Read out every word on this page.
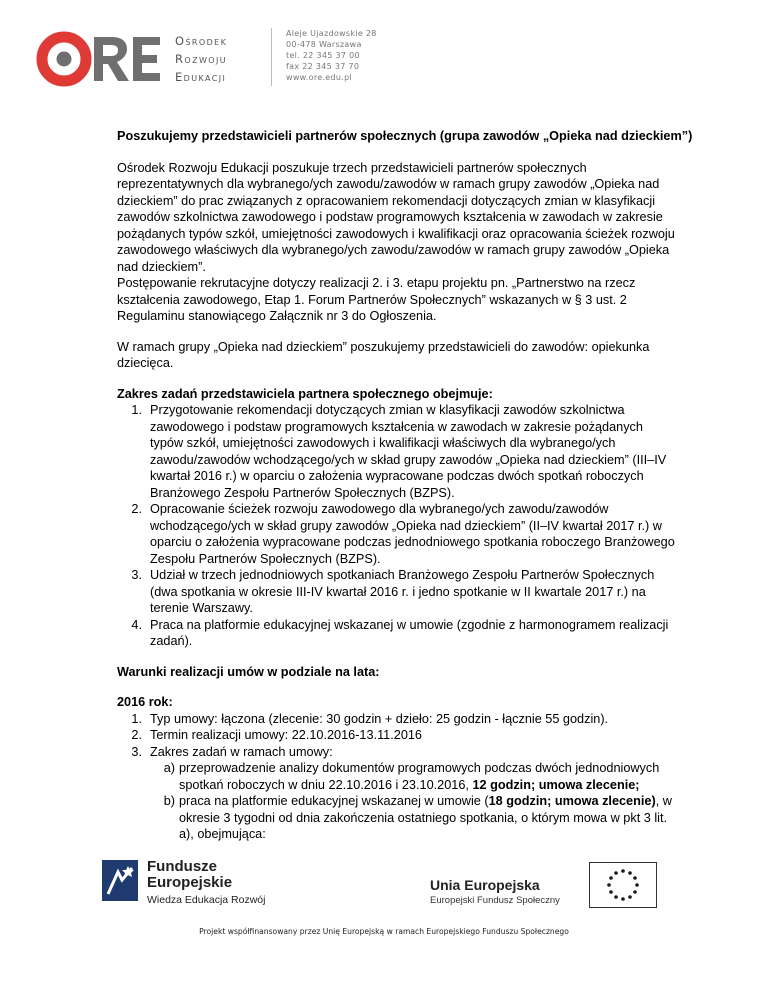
Ośrodek
Rozwoju
Edukacji
Aleje Ujazdowskie 28
00-478 Warszawa
tel. 22 345 37 00
fax 22 345 37 70
www.ore.edu.pl

Poszukujemy przedstawicieli partnerów społecznych (grupa zawodów „Opieka nad dzieckiem”)

Ośrodek Rozwoju Edukacji poszukuje trzech przedstawicieli partnerów społecznych reprezentatywnych dla wybranego/ych zawodu/zawodów w ramach grupy zawodów „Opieka nad dzieckiem” do prac związanych z opracowaniem rekomendacji dotyczących zmian w klasyfikacji zawodów szkolnictwa zawodowego i podstaw programowych kształcenia w zawodach w zakresie pożądanych typów szkół, umiejętności zawodowych i kwalifikacji oraz opracowania ścieżek rozwoju zawodowego właściwych dla wybranego/ych zawodu/zawodów w ramach grupy zawodów „Opieka nad dzieckiem”.

Postępowanie rekrutacyjne dotyczy realizacji 2. i 3. etapu projektu pn. „Partnerstwo na rzecz kształcenia zawodowego, Etap 1. Forum Partnerów Społecznych” wskazanych w § 3 ust. 2 Regulaminu stanowiącego Załącznik nr 3 do Ogłoszenia.

W ramach grupy „Opieka nad dzieckiem” poszukujemy przedstawicieli do zawodów: opiekunka dziecięca.

Zakres zadań przedstawiciela partnera społecznego obejmuje:

1. Przygotowanie rekomendacji dotyczących zmian w klasyfikacji zawodów szkolnictwa zawodowego i podstaw programowych kształcenia w zawodach w zakresie pożądanych typów szkół, umiejętności zawodowych i kwalifikacji właściwych dla wybranego/ych zawodu/zawodów wchodzącego/ych w skład grupy zawodów „Opieka nad dzieckiem” (III–IV kwartał 2016 r.) w oparciu o założenia wypracowane podczas dwóch spotkań roboczych Branżowego Zespołu Partnerów Społecznych (BZPS).
2. Opracowanie ścieżek rozwoju zawodowego dla wybranego/ych zawodu/zawodów wchodzącego/ych w skład grupy zawodów „Opieka nad dzieckiem” (II–IV kwartał 2017 r.) w oparciu o założenia wypracowane podczas jednodniowego spotkania roboczego Branżowego Zespołu Partnerów Społecznych (BZPS).
3. Udział w trzech jednodniowych spotkaniach Branżowego Zespołu Partnerów Społecznych (dwa spotkania w okresie III-IV kwartał 2016 r. i jedno spotkanie w II kwartale 2017 r.) na terenie Warszawy.
4. Praca na platformie edukacyjnej wskazanej w umowie (zgodnie z harmonogramem realizacji zadań).

Warunki realizacji umów w podziale na lata:

2016 rok:

1. Typ umowy: łączona (zlecenie: 30 godzin + dzieło: 25 godzin - łącznie 55 godzin).
2. Termin realizacji umowy: 22.10.2016-13.11.2016
3. Zakres zadań w ramach umowy:
a) przeprowadzenie analizy dokumentów programowych podczas dwóch jednodniowych spotkań roboczych w dniu 22.10.2016 i 23.10.2016, 12 godzin; umowa zlecenie;
b) praca na platformie edukacyjnej wskazanej w umowie (18 godzin; umowa zlecenie), w okresie 3 tygodni od dnia zakończenia ostatniego spotkania, o którym mowa w pkt 3 lit. a), obejmująca:
Fundusze
Europejskie
Wiedza Edukacja Rozwój
Unia Europejska
Europejski Fundusz Społeczny
Projekt współfinansowany przez Unię Europejską w ramach Europejskiego Funduszu Społecznego
